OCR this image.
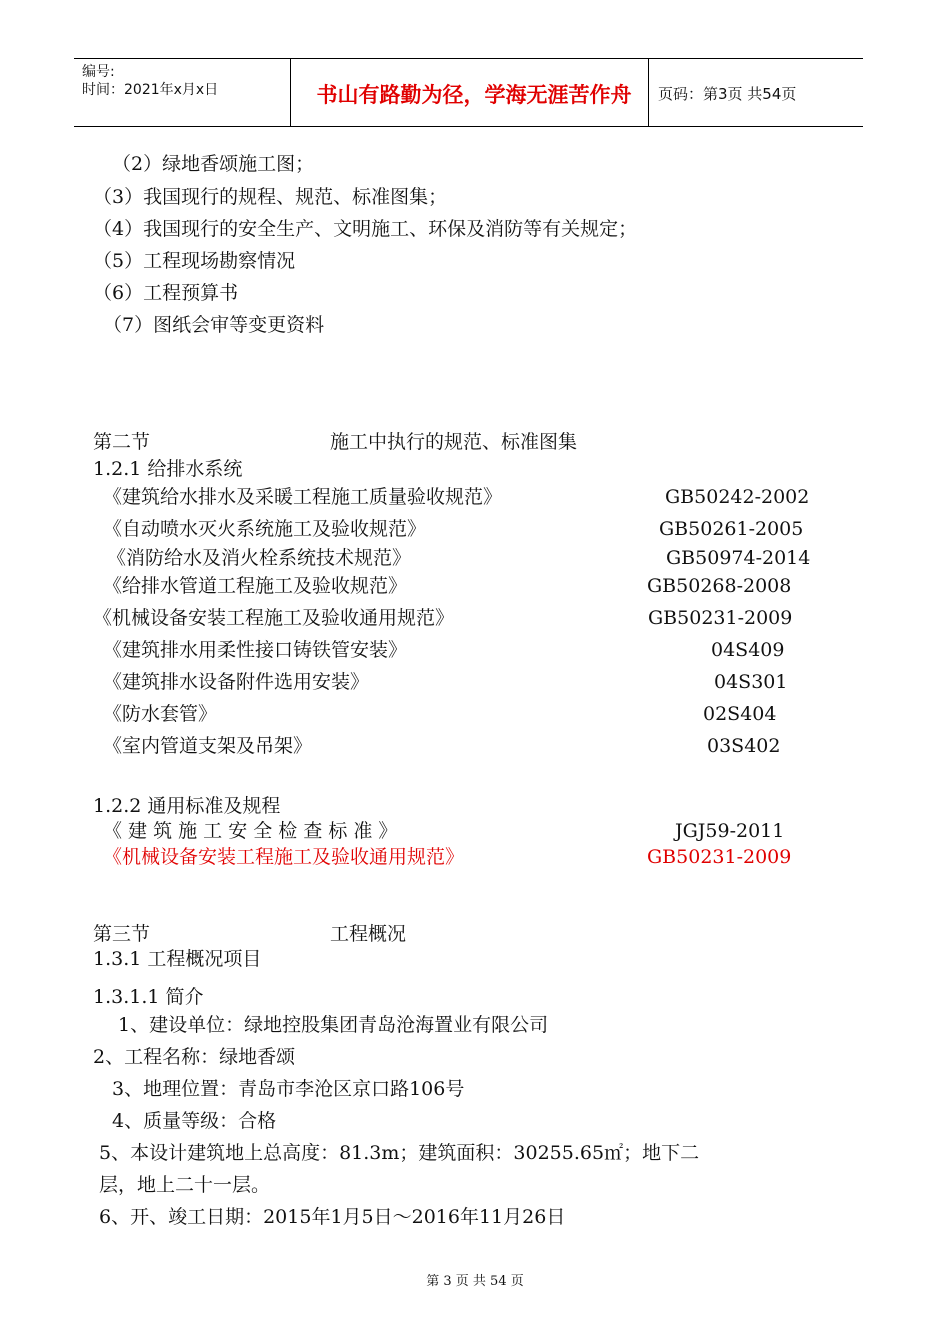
编号:
时间：2021年x月x日	书山有路勤为径，学海无涯苦作舟	页码：第3页 共54页
（2）绿地香颂施工图；
（3）我国现行的规程、规范、标准图集；
（4）我国现行的安全生产、文明施工、环保及消防等有关规定；
（5）工程现场勘察情况
（6）工程预算书
（7）图纸会审等变更资料
第二节	施工中执行的规范、标准图集
1.2.1 给排水系统
《建筑给水排水及采暖工程施工质量验收规范》	GB50242-2002
《自动喷水灭火系统施工及验收规范》	GB50261-2005
《消防给水及消火栓系统技术规范》	GB50974-2014
《给排水管道工程施工及验收规范》	GB50268-2008
《机械设备安装工程施工及验收通用规范》	GB50231-2009
《建筑排水用柔性接口铸铁管安装》	04S409
《建筑排水设备附件选用安装》	04S301
《防水套管》	02S404
《室内管道支架及吊架》	03S402
1.2.2 通用标准及规程
《 建 筑 施 工 安 全 检 查 标 准 》	JGJ59-2011
《机械设备安装工程施工及验收通用规范》	GB50231-2009
第三节	工程概况
1.3.1 工程概况项目
1.3.1.1 简介
1、建设单位：绿地控股集团青岛沧海置业有限公司
2、工程名称：绿地香颂
3、地理位置：青岛市李沧区京口路106号
4、质量等级：合格
5、本设计建筑地上总高度：81.3m；建筑面积：30255.65㎡；地下二
层，地上二十一层。
6、开、竣工日期：2015年1月5日～2016年11月26日
第 3 页 共 54 页
